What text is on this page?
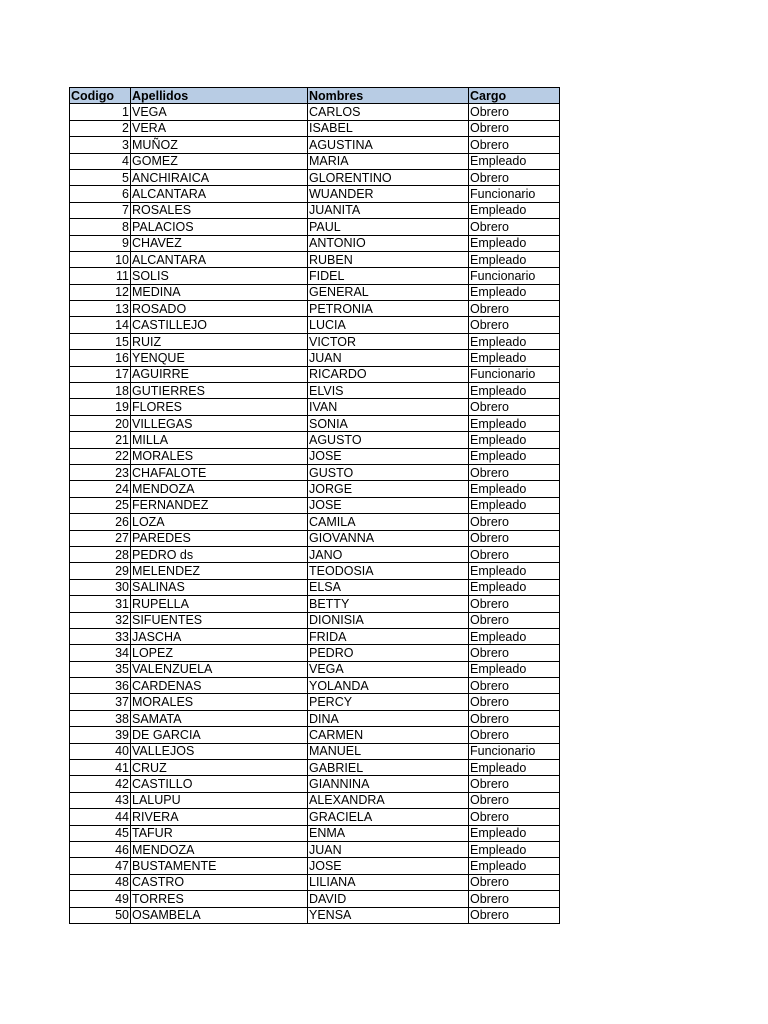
Codigo	Apellidos	Nombres	Cargo
1	VEGA	CARLOS	Obrero
2	VERA	ISABEL	Obrero
3	MUÑOZ	AGUSTINA	Obrero
4	GOMEZ	MARIA	Empleado
5	ANCHIRAICA	GLORENTINO	Obrero
6	ALCANTARA	WUANDER	Funcionario
7	ROSALES	JUANITA	Empleado
8	PALACIOS	PAUL	Obrero
9	CHAVEZ	ANTONIO	Empleado
10	ALCANTARA	RUBEN	Empleado
11	SOLIS	FIDEL	Funcionario
12	MEDINA	GENERAL	Empleado
13	ROSADO	PETRONIA	Obrero
14	CASTILLEJO	LUCIA	Obrero
15	RUIZ	VICTOR	Empleado
16	YENQUE	JUAN	Empleado
17	AGUIRRE	RICARDO	Funcionario
18	GUTIERRES	ELVIS	Empleado
19	FLORES	IVAN	Obrero
20	VILLEGAS	SONIA	Empleado
21	MILLA	AGUSTO	Empleado
22	MORALES	JOSE	Empleado
23	CHAFALOTE	GUSTO	Obrero
24	MENDOZA	JORGE	Empleado
25	FERNANDEZ	JOSE	Empleado
26	LOZA	CAMILA	Obrero
27	PAREDES	GIOVANNA	Obrero
28	PEDRO ds	JANO	Obrero
29	MELENDEZ	TEODOSIA	Empleado
30	SALINAS	ELSA	Empleado
31	RUPELLA	BETTY	Obrero
32	SIFUENTES	DIONISIA	Obrero
33	JASCHA	FRIDA	Empleado
34	LOPEZ	PEDRO	Obrero
35	VALENZUELA	VEGA	Empleado
36	CARDENAS	YOLANDA	Obrero
37	MORALES	PERCY	Obrero
38	SAMATA	DINA	Obrero
39	DE GARCIA	CARMEN	Obrero
40	VALLEJOS	MANUEL	Funcionario
41	CRUZ	GABRIEL	Empleado
42	CASTILLO	GIANNINA	Obrero
43	LALUPU	ALEXANDRA	Obrero
44	RIVERA	GRACIELA	Obrero
45	TAFUR	ENMA	Empleado
46	MENDOZA	JUAN	Empleado
47	BUSTAMENTE	JOSE	Empleado
48	CASTRO	LILIANA	Obrero
49	TORRES	DAVID	Obrero
50	OSAMBELA	YENSA	Obrero
